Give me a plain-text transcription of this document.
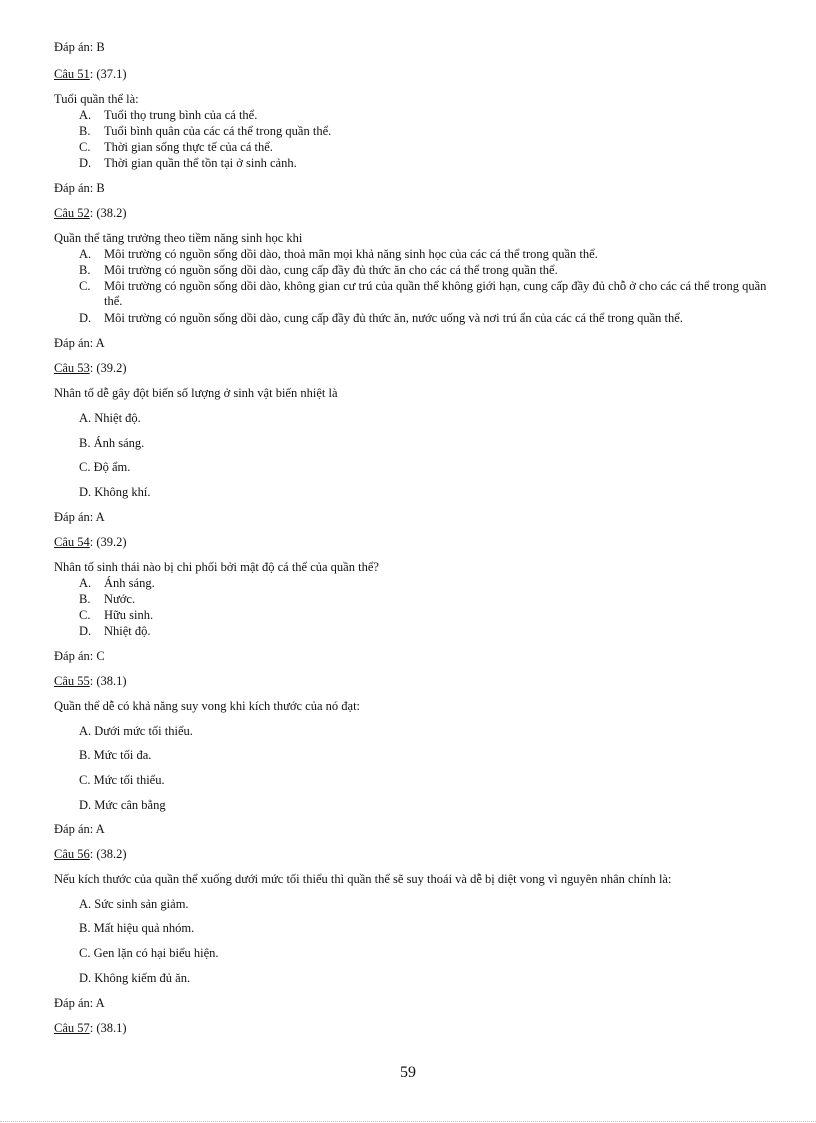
Đáp án: B
Câu 51: (37.1)
Tuổi quần thể là:
A. Tuổi thọ trung bình của cá thể.
B. Tuổi bình quân của các cá thể trong quần thể.
C. Thời gian sống thực tế của cá thể.
D. Thời gian quần thể tồn tại ở sinh cảnh.
Đáp án: B
Câu 52: (38.2)
Quần thể tăng trưởng theo tiềm năng sinh học khi
A. Môi trường có nguồn sống dồi dào, thoả mãn mọi khả năng sinh học của các cá thể trong quần thể.
B. Môi trường có nguồn sống dồi dào, cung cấp đầy đủ thức ăn cho các cá thể trong quần thể.
C. Môi trường có nguồn sống dồi dào, không gian cư trú của quần thể không giới hạn, cung cấp đầy đủ chỗ ở cho các cá thể trong quần thể.
D. Môi trường có nguồn sống dồi dào, cung cấp đầy đủ thức ăn, nước uống và nơi trú ẩn của các cá thể trong quần thể.
Đáp án: A
Câu 53: (39.2)
Nhân tố dễ gây đột biến số lượng ở sinh vật biến nhiệt là
A. Nhiệt độ.
B. Ánh sáng.
C. Độ ẩm.
D. Không khí.
Đáp án: A
Câu 54: (39.2)
Nhân tố sinh thái nào bị chi phối bởi mật độ cá thể của quần thể?
A. Ánh sáng.
B. Nước.
C. Hữu sinh.
D. Nhiệt độ.
Đáp án: C
Câu 55: (38.1)
Quần thể dễ có khả năng suy vong khi kích thước của nó đạt:
A. Dưới mức tối thiểu.
B. Mức tối đa.
C. Mức tối thiểu.
D. Mức cân bằng
Đáp án: A
Câu 56: (38.2)
Nếu kích thước của quần thể xuống dưới mức tối thiểu thì quần thể sẽ suy thoái và dễ bị diệt vong vì nguyên nhân chính là:
A. Sức sinh sản giảm.
B. Mất hiệu quả nhóm.
C. Gen lặn có hại biểu hiện.
D. Không kiếm đủ ăn.
Đáp án: A
Câu 57: (38.1)
59
